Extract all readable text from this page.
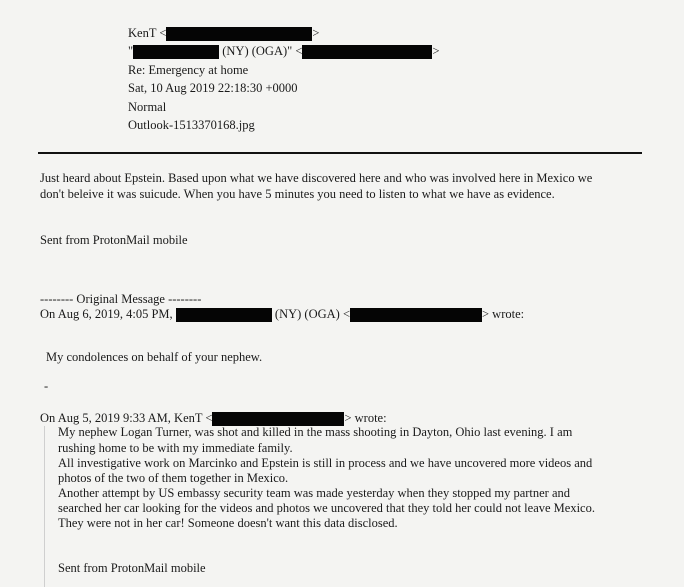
KenT <	>
"	(NY) (OGA)" <	>
Re: Emergency at home
Sat, 10 Aug 2019 22:18:30 +0000
Normal
Outlook-1513370168.jpg
Just heard about Epstein. Based upon what we have discovered here and who was involved here in Mexico we
don't beleive it was suicude. When you have 5 minutes you need to listen to what we have as evidence.
Sent from ProtonMail mobile
-------- Original Message --------
On Aug 6, 2019, 4:05 PM,	(NY) (OGA) <	> wrote:
My condolences on behalf of your nephew.
-
On Aug 5, 2019 9:33 AM, KenT <	> wrote:
My nephew Logan Turner, was shot and killed in the mass shooting in Dayton, Ohio last evening. I am
rushing home to be with my immediate family.
All investigative work on Marcinko and Epstein is still in process and we have uncovered more videos and
photos of the two of them together in Mexico.
Another attempt by US embassy security team was made yesterday when they stopped my partner and
searched her car looking for the videos and photos we uncovered that they told her could not leave Mexico.
They were not in her car! Someone doesn't want this data disclosed.
Sent from ProtonMail mobile
